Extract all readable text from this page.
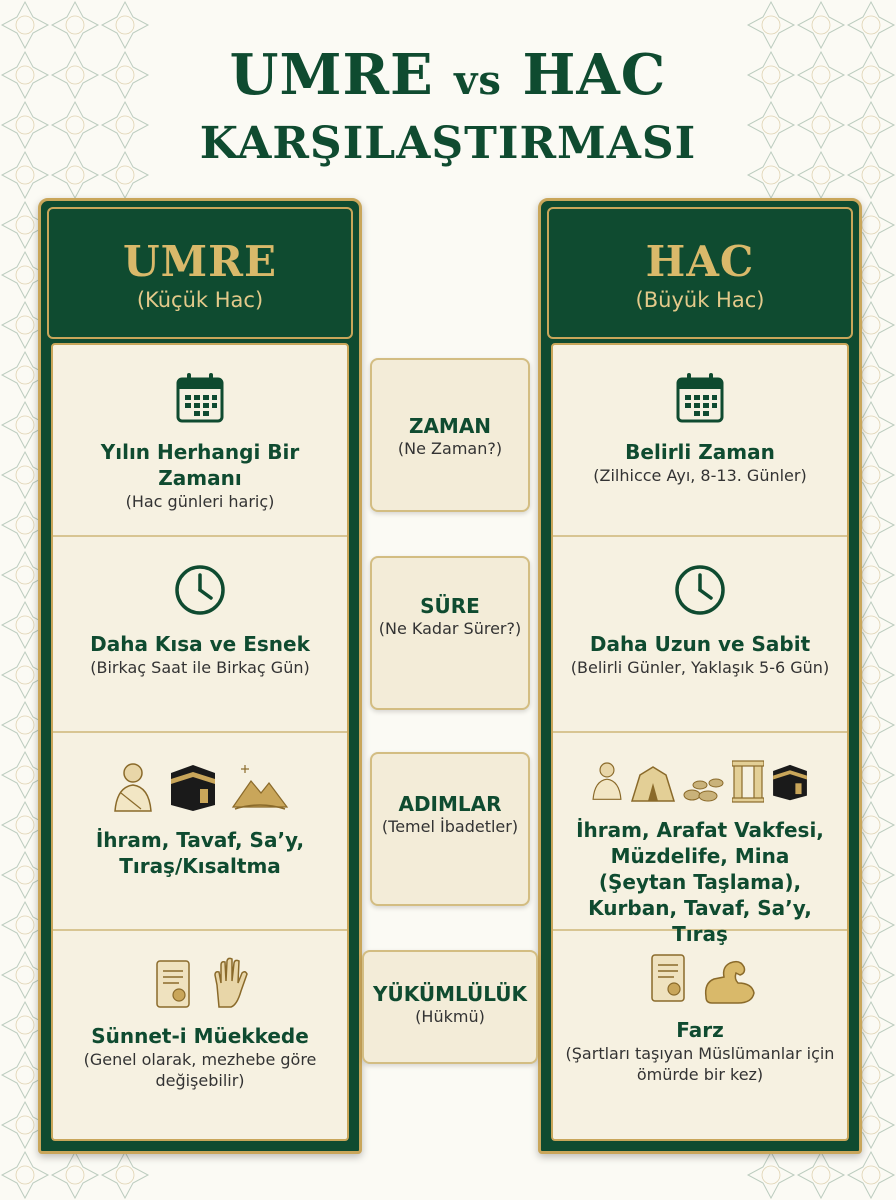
UMRE vs HAC
KARŞILAŞTIRMASI
UMRE
(Küçük Hac)
Yılın Herhangi Bir Zamanı
(Hac günleri hariç)
Daha Kısa ve Esnek
(Birkaç Saat ile Birkaç Gün)
İhram, Tavaf, Sa’y, Tıraş/Kısaltma
Sünnet-i Müekkede
(Genel olarak, mezhebe göre değişebilir)
HAC
(Büyük Hac)
Belirli Zaman
(Zilhicce Ayı, 8-13. Günler)
Daha Uzun ve Sabit
(Belirli Günler, Yaklaşık 5-6 Gün)
İhram, Arafat Vakfesi, Müzdelife, Mina (Şeytan Taşlama), Kurban, Tavaf, Sa’y, Tıraş
Farz
(Şartları taşıyan Müslümanlar için ömürde bir kez)
ZAMAN
(Ne Zaman?)
SÜRE
(Ne Kadar Sürer?)
ADIMLAR
(Temel İbadetler)
YÜKÜMLÜLÜK
(Hükmü)
